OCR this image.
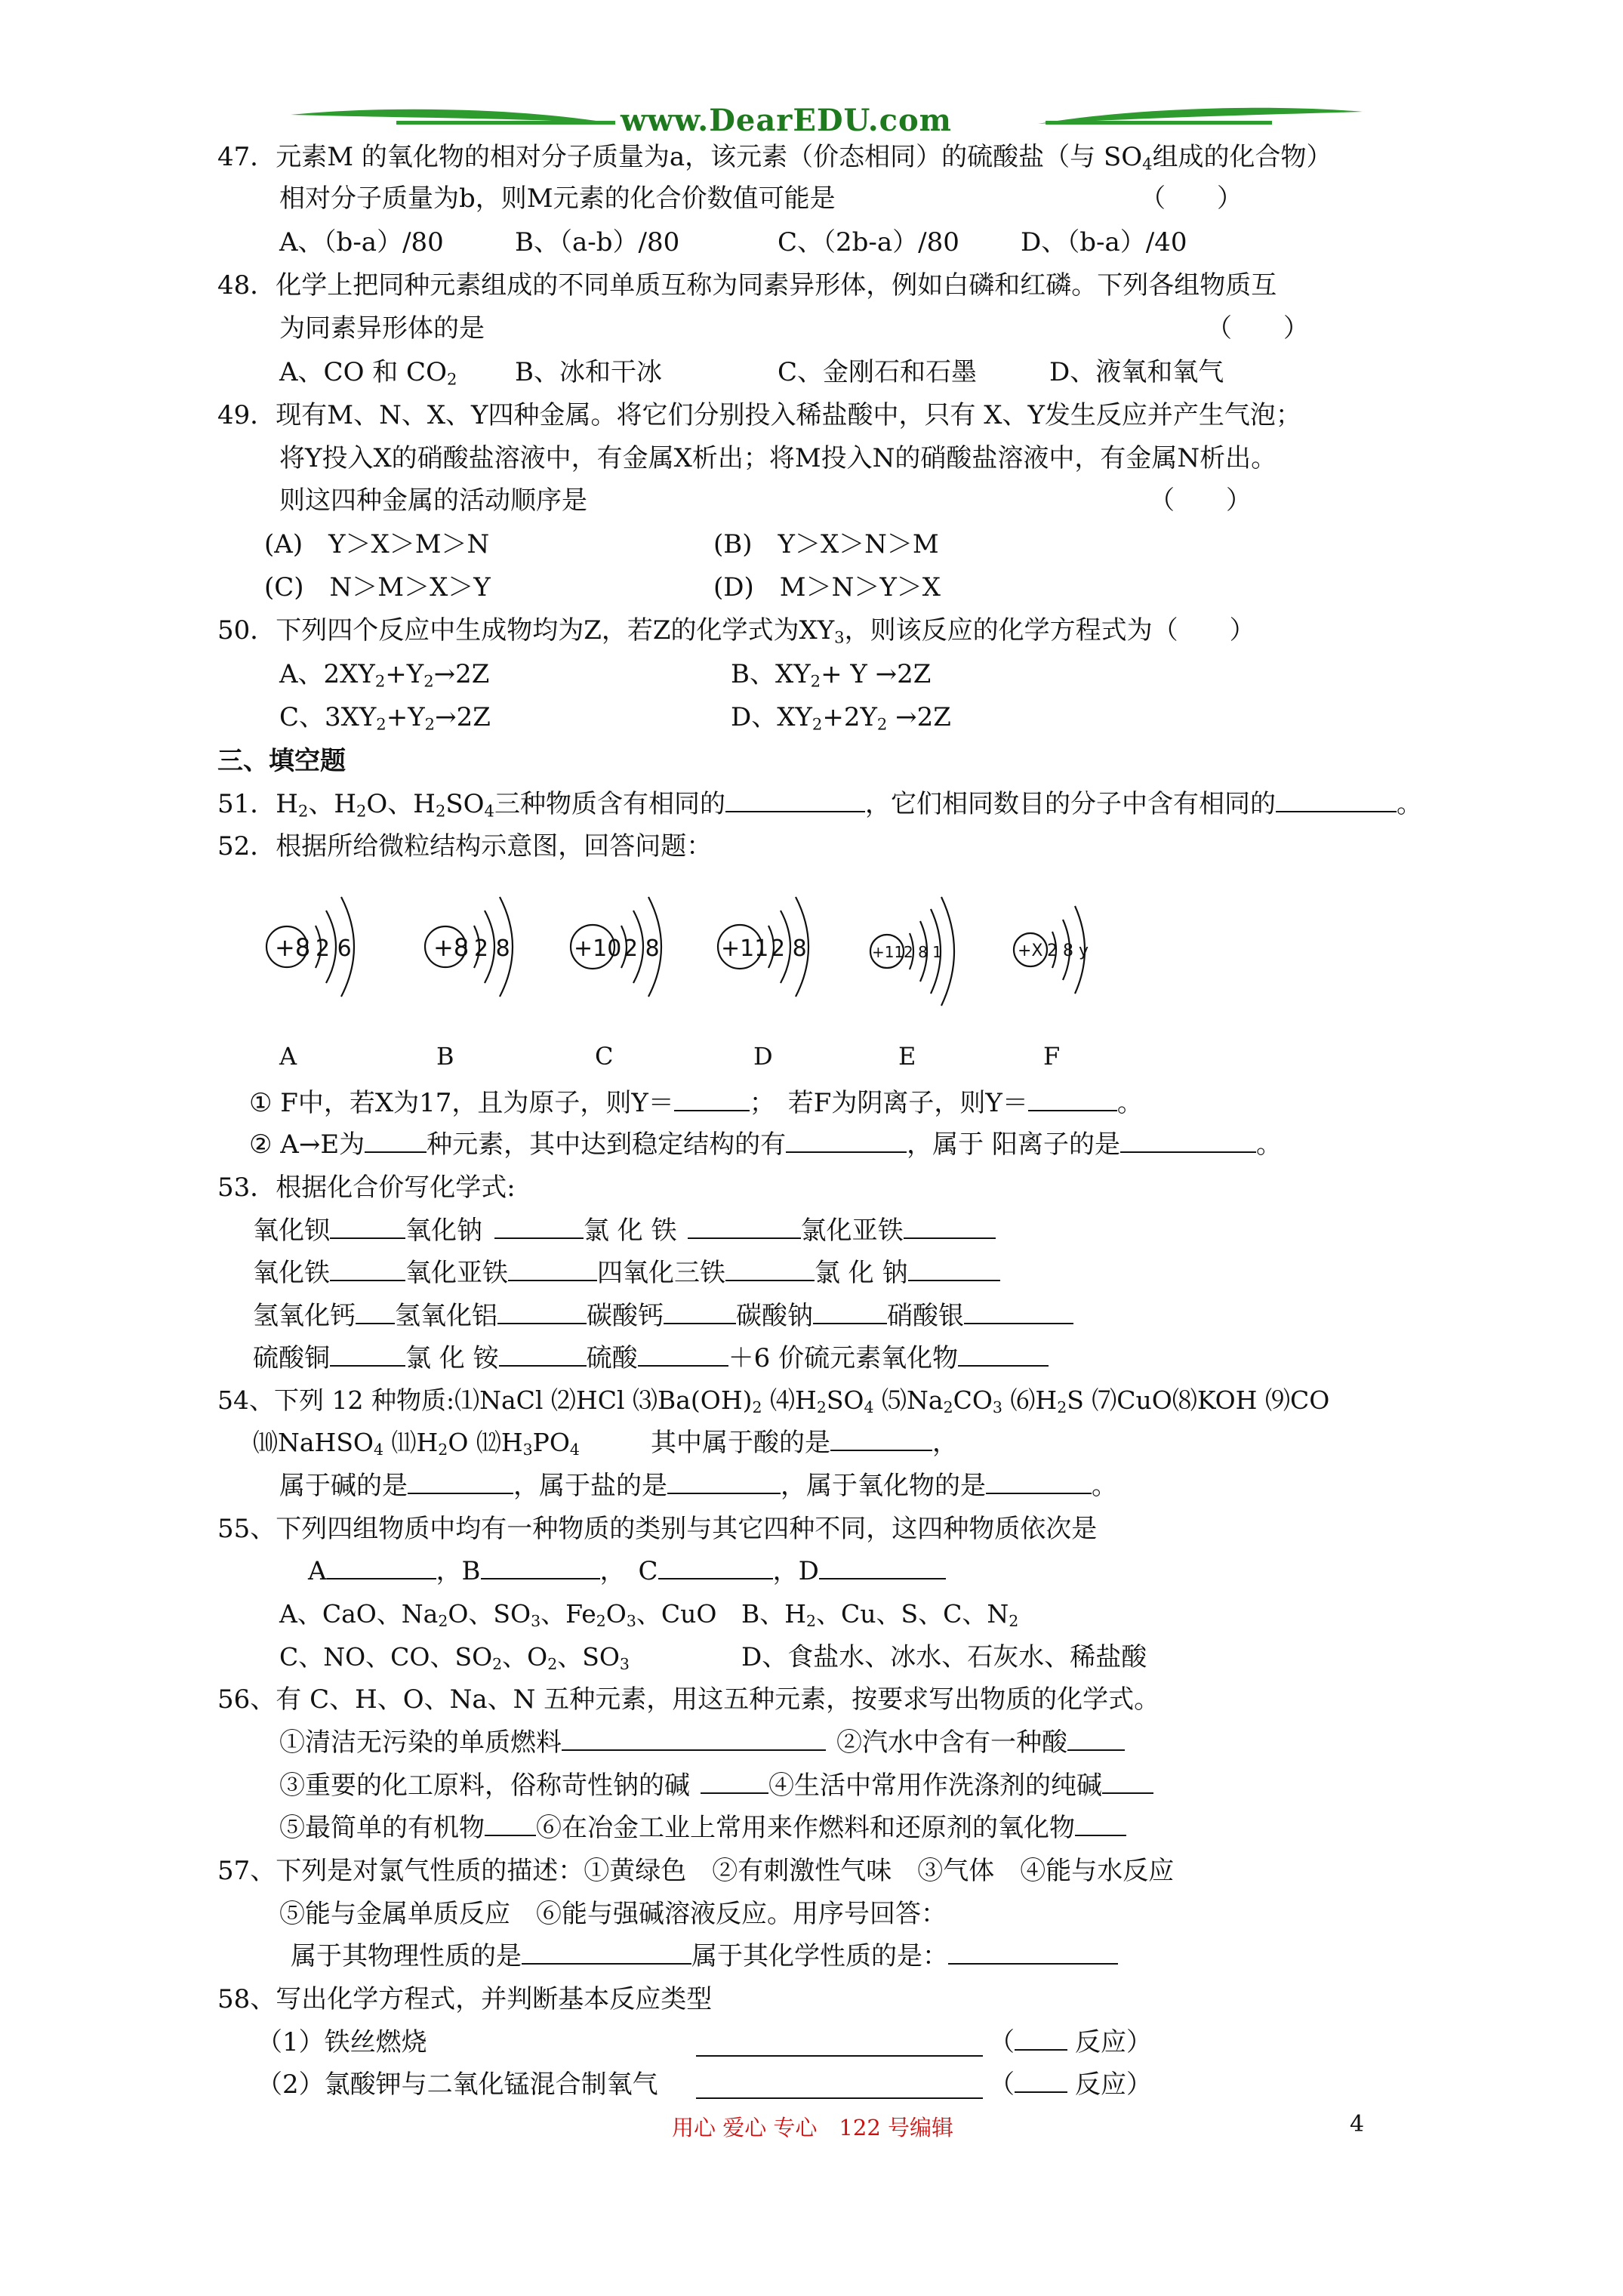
www.DearEDU.com
47．元素M 的氧化物的相对分子质量为a，该元素（价态相同）的硫酸盐（与 $SO_4$组成的化合物）
相对分子质量为b，则M元素的化合价数值可能是	（　　）
A、（b-a）/80	B、（a-b）/80	C、（2b-a）/80 D、（b-a）/40
48．化学上把同种元素组成的不同单质互称为同素异形体，例如白磷和红磷。下列各组物质互
为同素异形体的是	（　　）
A、CO 和 $CO_2$ B、冰和干冰	C、金刚石和石墨	D、液氧和氧气
49．现有M、N、X、Y四种金属。将它们分别投入稀盐酸中，只有 X、Y发生反应并产生气泡；
将Y投入X的硝酸盐溶液中，有金属X析出；将M投入N的硝酸盐溶液中，有金属N析出。
则这四种金属的活动顺序是	（　　）
(A)　Y＞X＞M＞N	(B)　Y＞X＞N＞M
(C)　N＞M＞X＞Y	(D)　M＞N＞Y＞X
50．下列四个反应中生成物均为Z，若Z的化学式为$XY_3$，则该反应的化学方程式为（　　）
A、$2XY_2+Y_2\to 2Z$	B、$XY_2+ Y \to 2Z$
C、$3XY_2+Y_2\to 2Z$	D、$XY_2+2Y_2 \to 2Z$
三、填空题
51．$H_2$、$H_2O$、$H_2SO_4$三种物质含有相同的	，它们相同数目的分子中含有相同的	。
52．根据所给微粒结构示意图，回答问题：
+8 2 6	+8 2 8	+10 2 8	+11 2 8	+11 2 8 1	+X 2 8 y
A	B	C	D	E	F
① F中，若X为17，且为原子，则Y＝	；　若F为阴离子，则Y＝	。
② A→E为 种元素，其中达到稳定结构的有	，属于 阳离子的是	。
53．根据化合价写化学式:
氧化钡	氧化钠	氯 化 铁	氯化亚铁
氧化铁	氧化亚铁	四氧化三铁	氯 化 钠
氢氧化钙 氢氧化铝	碳酸钙	碳酸钠	硝酸银
硫酸铜	氯 化 铵	硫酸	＋6 价硫元素氧化物
54、下列 12 种物质:⑴NaCl ⑵HCl $⑶Ba(OH)_2$ $⑷H_2SO_4$ $⑸Na_2CO_3$ $⑹H_2S$ ⑺CuO⑻KOH ⑼CO
⑽NaHSO$_4$ $⑾H_2O$ $⑿H_3PO_4$	其中属于酸的是	，
属于碱的是	，属于盐的是	，属于氧化物的是	。
55、下列四组物质中均有一种物质的类别与其它四种不同，这四种物质依次是
A	，B	，　C	，D
A、CaO、$Na_2O$、$SO_3$、$Fe_2O_3$、CuO B、$H_2$、Cu、S、C、$N_2$
C、NO、CO、$SO_2$、$O_2$、$SO_3$	D、食盐水、冰水、石灰水、稀盐酸
56、有 C、H、O、Na、N 五种元素，用这五种元素，按要求写出物质的化学式。
①清洁无污染的单质燃料	②汽水中含有一种酸
③重要的化工原料，俗称苛性钠的碱	④生活中常用作洗涤剂的纯碱
⑤最简单的有机物 ⑥在冶金工业上常用来作燃料和还原剂的氧化物
57、下列是对氯气性质的描述：①黄绿色　②有刺激性气味　③气体　④能与水反应
⑤能与金属单质反应　⑥能与强碱溶液反应。用序号回答：
属于其物理性质的是	属于其化学性质的是：
58、写出化学方程式，并判断基本反应类型
（1）铁丝燃烧	（ 反应）
（2）氯酸钾与二氧化锰混合制氧气	（ 反应）
用心 爱心 专心　122 号编辑	4
